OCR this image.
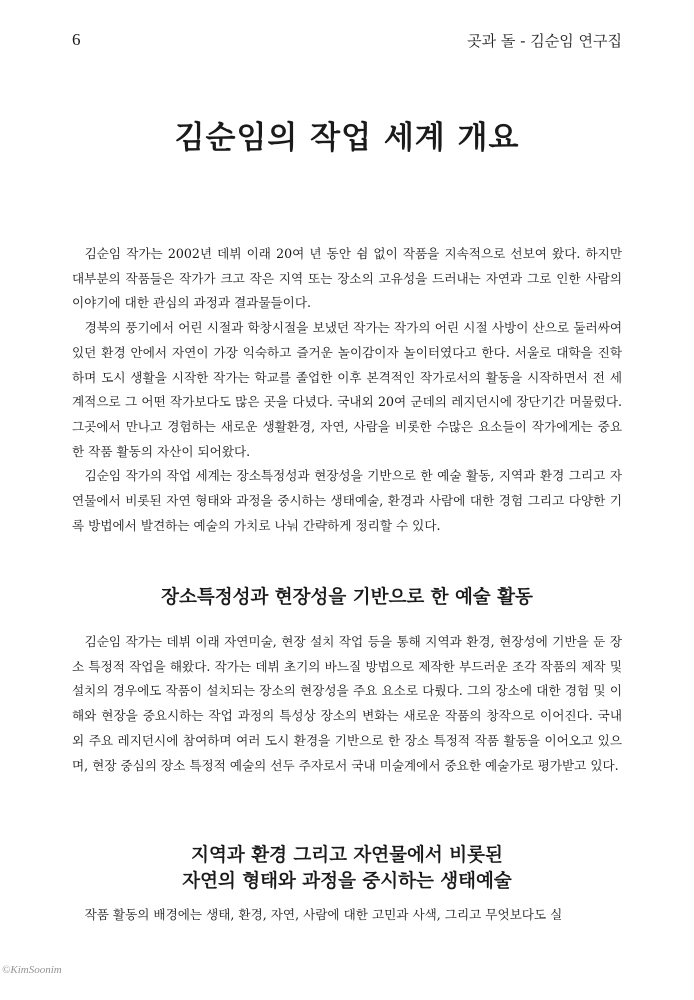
6	곳과 돌 - 김순임 연구집
김순임의 작업 세계 개요

김순임 작가는 2002년 데뷔 이래 20여 년 동안 쉼 없이 작품을 지속적으로 선보여 왔다. 하지만 대부분의 작품들은 작가가 크고 작은 지역 또는 장소의 고유성을 드러내는 자연과 그로 인한 사람의 이야기에 대한 관심의 과정과 결과물들이다.

경북의 풍기에서 어린 시절과 학창시절을 보냈던 작가는 작가의 어린 시절 사방이 산으로 둘러싸여 있던 환경 안에서 자연이 가장 익숙하고 즐거운 놀이감이자 놀이터였다고 한다. 서울로 대학을 진학하며 도시 생활을 시작한 작가는 학교를 졸업한 이후 본격적인 작가로서의 활동을 시작하면서 전 세계적으로 그 어떤 작가보다도 많은 곳을 다녔다. 국내외 20여 군데의 레지던시에 장단기간 머물렀다. 그곳에서 만나고 경험하는 새로운 생활환경, 자연, 사람을 비롯한 수많은 요소들이 작가에게는 중요한 작품 활동의 자산이 되어왔다.

김순임 작가의 작업 세계는 장소특정성과 현장성을 기반으로 한 예술 활동, 지역과 환경 그리고 자연물에서 비롯된 자연 형태와 과정을 중시하는 생태예술, 환경과 사람에 대한 경험 그리고 다양한 기록 방법에서 발견하는 예술의 가치로 나눠 간략하게 정리할 수 있다.

장소특정성과 현장성을 기반으로 한 예술 활동

김순임 작가는 데뷔 이래 자연미술, 현장 설치 작업 등을 통해 지역과 환경, 현장성에 기반을 둔 장소 특정적 작업을 해왔다. 작가는 데뷔 초기의 바느질 방법으로 제작한 부드러운 조각 작품의 제작 및 설치의 경우에도 작품이 설치되는 장소의 현장성을 주요 요소로 다뤘다. 그의 장소에 대한 경험 및 이해와 현장을 중요시하는 작업 과정의 특성상 장소의 변화는 새로운 작품의 창작으로 이어진다. 국내외 주요 레지던시에 참여하며 여러 도시 환경을 기반으로 한 장소 특정적 작품 활동을 이어오고 있으며, 현장 중심의 장소 특정적 예술의 선두 주자로서 국내 미술계에서 중요한 예술가로 평가받고 있다.

지역과 환경 그리고 자연물에서 비롯된
자연의 형태와 과정을 중시하는 생태예술

작품 활동의 배경에는 생태, 환경, 자연, 사람에 대한 고민과 사색, 그리고 무엇보다도 실

©KimSoonim
